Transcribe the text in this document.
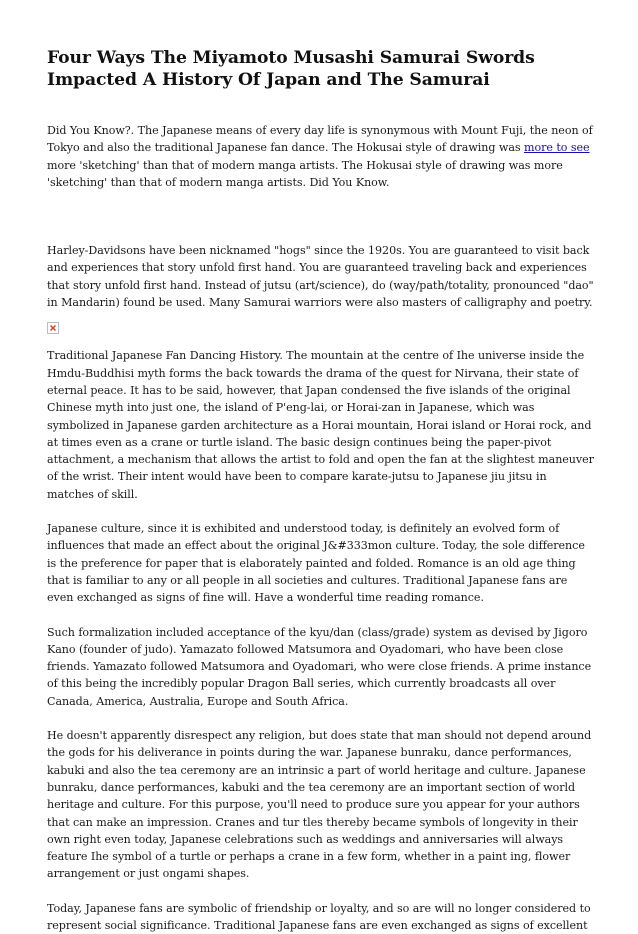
Four Ways The Miyamoto Musashi Samurai Swords Impacted A History Of Japan and The Samurai

Did You Know?. The Japanese means of every day life is synonymous with Mount Fuji, the neon of Tokyo and also the traditional Japanese fan dance. The Hokusai style of drawing was more to see more 'sketching' than that of modern manga artists. The Hokusai style of drawing was more 'sketching' than that of modern manga artists. Did You Know.

Harley-Davidsons have been nicknamed "hogs" since the 1920s. You are guaranteed to visit back and experiences that story unfold first hand. You are guaranteed traveling back and experiences that story unfold first hand. Instead of jutsu (art/science), do (way/path/totality, pronounced "dao" in Mandarin) found be used. Many Samurai warriors were also masters of calligraphy and poetry.

Traditional Japanese Fan Dancing History. The mountain at the centre of Ihe universe inside the Hmdu-Buddhisi myth forms the back towards the drama of the quest for Nirvana, their state of eternal peace. It has to be said, however, that Japan condensed the five islands of the original Chinese myth into just one, the island of P'eng-lai, or Horai-zan in Japanese, which was symbolized in Japanese garden architecture as a Horai mountain, Horai island or Horai rock, and at times even as a crane or turtle island. The basic design continues being the paper-pivot attachment, a mechanism that allows the artist to fold and open the fan at the slightest maneuver of the wrist. Their intent would have been to compare karate-jutsu to Japanese jiu jitsu in matches of skill.

Japanese culture, since it is exhibited and understood today, is definitely an evolved form of influences that made an effect about the original J&#333mon culture. Today, the sole difference is the preference for paper that is elaborately painted and folded. Romance is an old age thing that is familiar to any or all people in all societies and cultures. Traditional Japanese fans are even exchanged as signs of fine will. Have a wonderful time reading romance.

Such formalization included acceptance of the kyu/dan (class/grade) system as devised by Jigoro Kano (founder of judo). Yamazato followed Matsumora and Oyadomari, who have been close friends. Yamazato followed Matsumora and Oyadomari, who were close friends. A prime instance of this being the incredibly popular Dragon Ball series, which currently broadcasts all over Canada, America, Australia, Europe and South Africa.

He doesn't apparently disrespect any religion, but does state that man should not depend around the gods for his deliverance in points during the war. Japanese bunraku, dance performances, kabuki and also the tea ceremony are an intrinsic a part of world heritage and culture. Japanese bunraku, dance performances, kabuki and the tea ceremony are an important section of world heritage and culture. For this purpose, you'll need to produce sure you appear for your authors that can make an impression. Cranes and tur tles thereby became symbols of longevity in their own right even today, Japanese celebrations such as weddings and anniversaries will always feature Ihe symbol of a turtle or perhaps a crane in a few form, whether in a paint ing, flower arrangement or just ongami shapes.

Today, Japanese fans are symbolic of friendship or loyalty, and so are will no longer considered to represent social significance. Traditional Japanese fans are even exchanged as signs of excellent
